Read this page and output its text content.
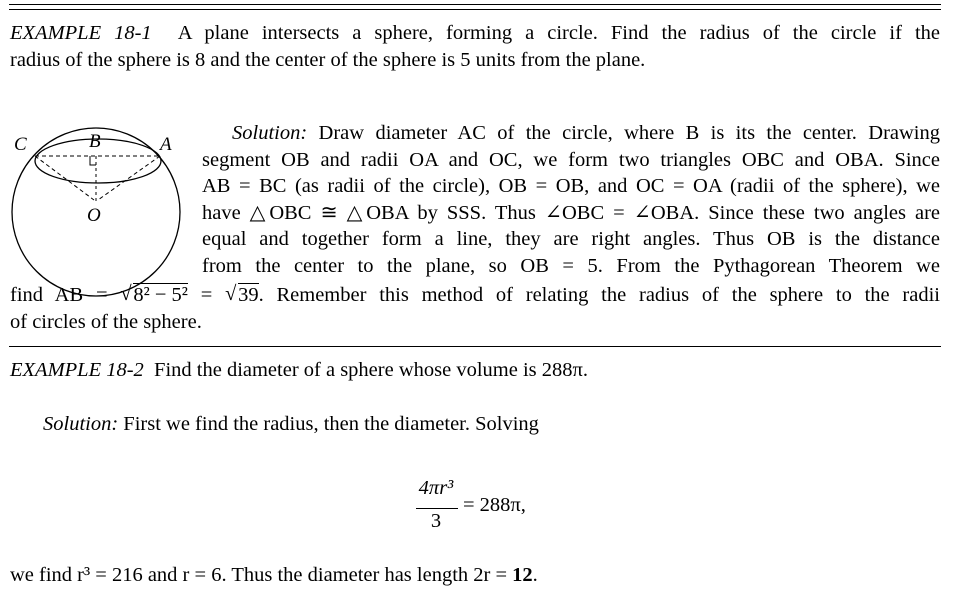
EXAMPLE 18-1 A plane intersects a sphere, forming a circle. Find the radius of the circle if the
radius of the sphere is 8 and the center of the sphere is 5 units from the plane.
C	B	A
O
Solution: Draw diameter AC of the circle, where B is its the center. Drawing
segment OB and radii OA and OC, we form two triangles OBC and OBA. Since
AB = BC (as radii of the circle), OB = OB, and OC = OA (radii of the sphere), we
have △OBC ≅ △OBA by SSS. Thus ∠OBC = ∠OBA. Since these two angles are
equal and together form a line, they are right angles. Thus OB is the distance
from the center to the plane, so OB = 5. From the Pythagorean Theorem we
find AB = √ 8² − 5² = √ 39. Remember this method of relating the radius of the sphere to the radii
of circles of the sphere.
EXAMPLE 18-2 Find the diameter of a sphere whose volume is 288π.
Solution: First we find the radius, then the diameter. Solving
4πr³
3
= 288π,
we find r³ = 216 and r = 6. Thus the diameter has length 2r = 12.
